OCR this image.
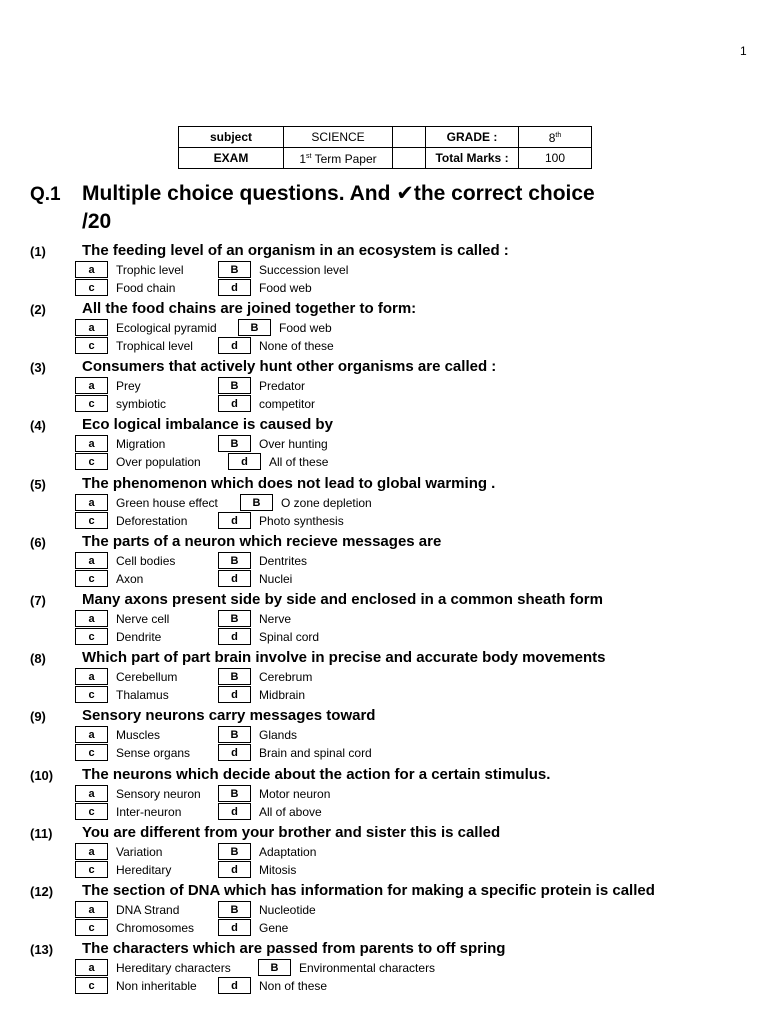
1
subject	SCIENCE		GRADE :	8th
EXAM	1st Term Paper		Total Marks :	100
Q.1 Multiple choice questions. And ✔the correct choice
/20
(1) The feeding level of an organism in an ecosystem is called :
a	Trophic level	B	Succession level
c	Food chain	d	Food web
(2) All the food chains are joined together to form:
a	Ecological pyramid	B	Food web
c	Trophical level	d	None of these
(3) Consumers that actively hunt other organisms are called :
a	Prey	B	Predator
c	symbiotic	d	competitor
(4) Eco logical imbalance is caused by
a	Migration	B	Over hunting
c	Over population	d	All of these
(5) The phenomenon which does not lead to global warming .
a	Green house effect	B	O zone depletion
c	Deforestation	d	Photo synthesis
(6) The parts of a neuron which recieve messages are
a	Cell bodies	B	Dentrites
c	Axon	d	Nuclei
(7) Many axons present side by side and enclosed in a common sheath form
a	Nerve cell	B	Nerve
c	Dendrite	d	Spinal cord
(8) Which part of part brain involve in precise and accurate body movements
a	Cerebellum	B	Cerebrum
c	Thalamus	d	Midbrain
(9) Sensory neurons carry messages toward
a	Muscles	B	Glands
c	Sense organs	d	Brain and spinal cord
(10) The neurons which decide about the action for a certain stimulus.
a	Sensory neuron	B	Motor neuron
c	Inter-neuron	d	All of above
(11) You are different from your brother and sister this is called
a	Variation	B	Adaptation
c	Hereditary	d	Mitosis
(12) The section of DNA which has information for making a specific protein is called
a	DNA Strand	B	Nucleotide
c	Chromosomes	d	Gene
(13) The characters which are passed from parents to off spring
a	Hereditary characters	B	Environmental characters
c	Non inheritable	d	Non of these
